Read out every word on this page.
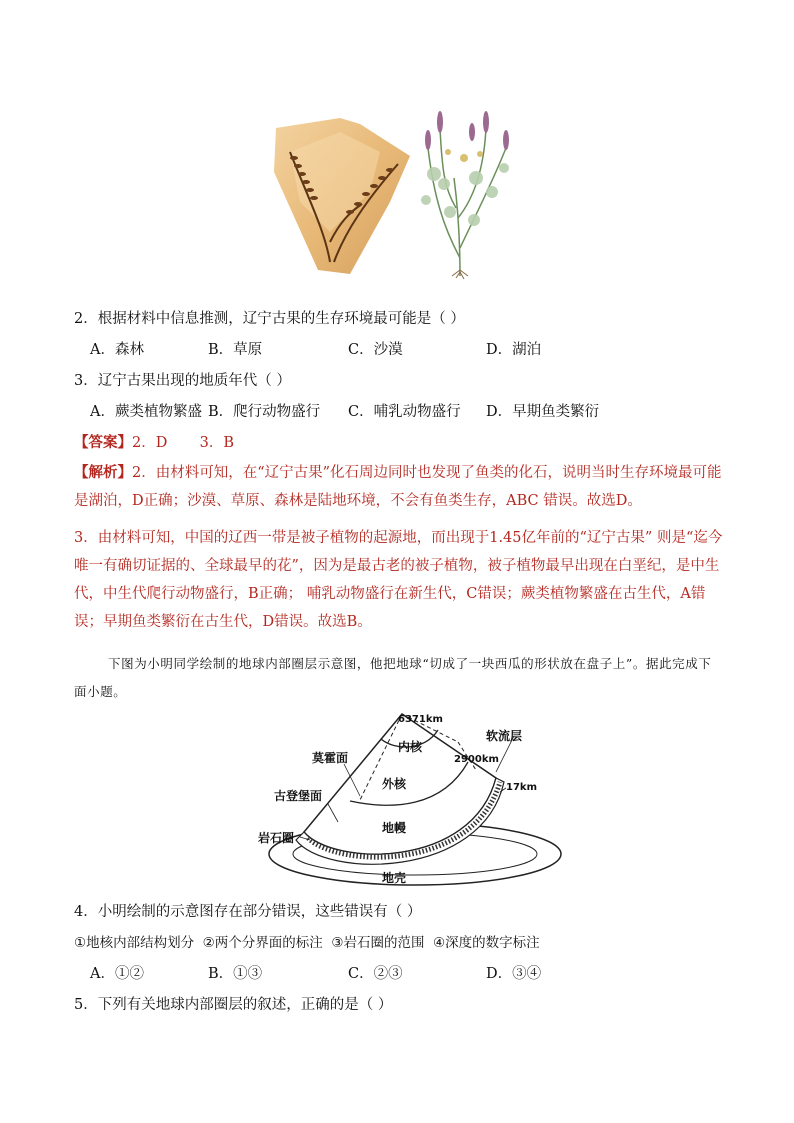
2．根据材料中信息推测，辽宁古果的生存环境最可能是（ ）
A．森林	B．草原	C．沙漠	D．湖泊
3．辽宁古果出现的地质年代（ ）
A．蕨类植物繁盛 B．爬行动物盛行 C．哺乳动物盛行 D．早期鱼类繁衍
【答案】2．D       3．B
【解析】2．由材料可知，在“辽宁古果”化石周边同时也发现了鱼类的化石，说明当时生存环境最可能是湖泊，D正确；沙漠、草原、森林是陆地环境，不会有鱼类生存，ABC 错误。故选D。
3．由材料可知，中国的辽西一带是被子植物的起源地，而出现于1.45亿年前的“辽宁古果” 则是“迄今唯一有确切证据的、全球最早的花”，因为是最古老的被子植物，被子植物最早出现在白垩纪，是中生代，中生代爬行动物盛行，B正确； 哺乳动物盛行在新生代，C错误；蕨类植物繁盛在古生代，A错误；早期鱼类繁衍在古生代，D错误。故选B。
下图为小明同学绘制的地球内部圈层示意图，他把地球“切成了一块西瓜的形状放在盘子上”。据此完成下面小题。
6371km
内核
软流层
2900km
莫霍面
外核	17km
古登堡面
地幔
岩石圈
地壳
4．小明绘制的示意图存在部分错误，这些错误有（ ）
①地核内部结构划分  ②两个分界面的标注  ③岩石圈的范围  ④深度的数字标注
A．①②	B．①③	C．②③	D．③④
5．下列有关地球内部圈层的叙述，正确的是（ ）
